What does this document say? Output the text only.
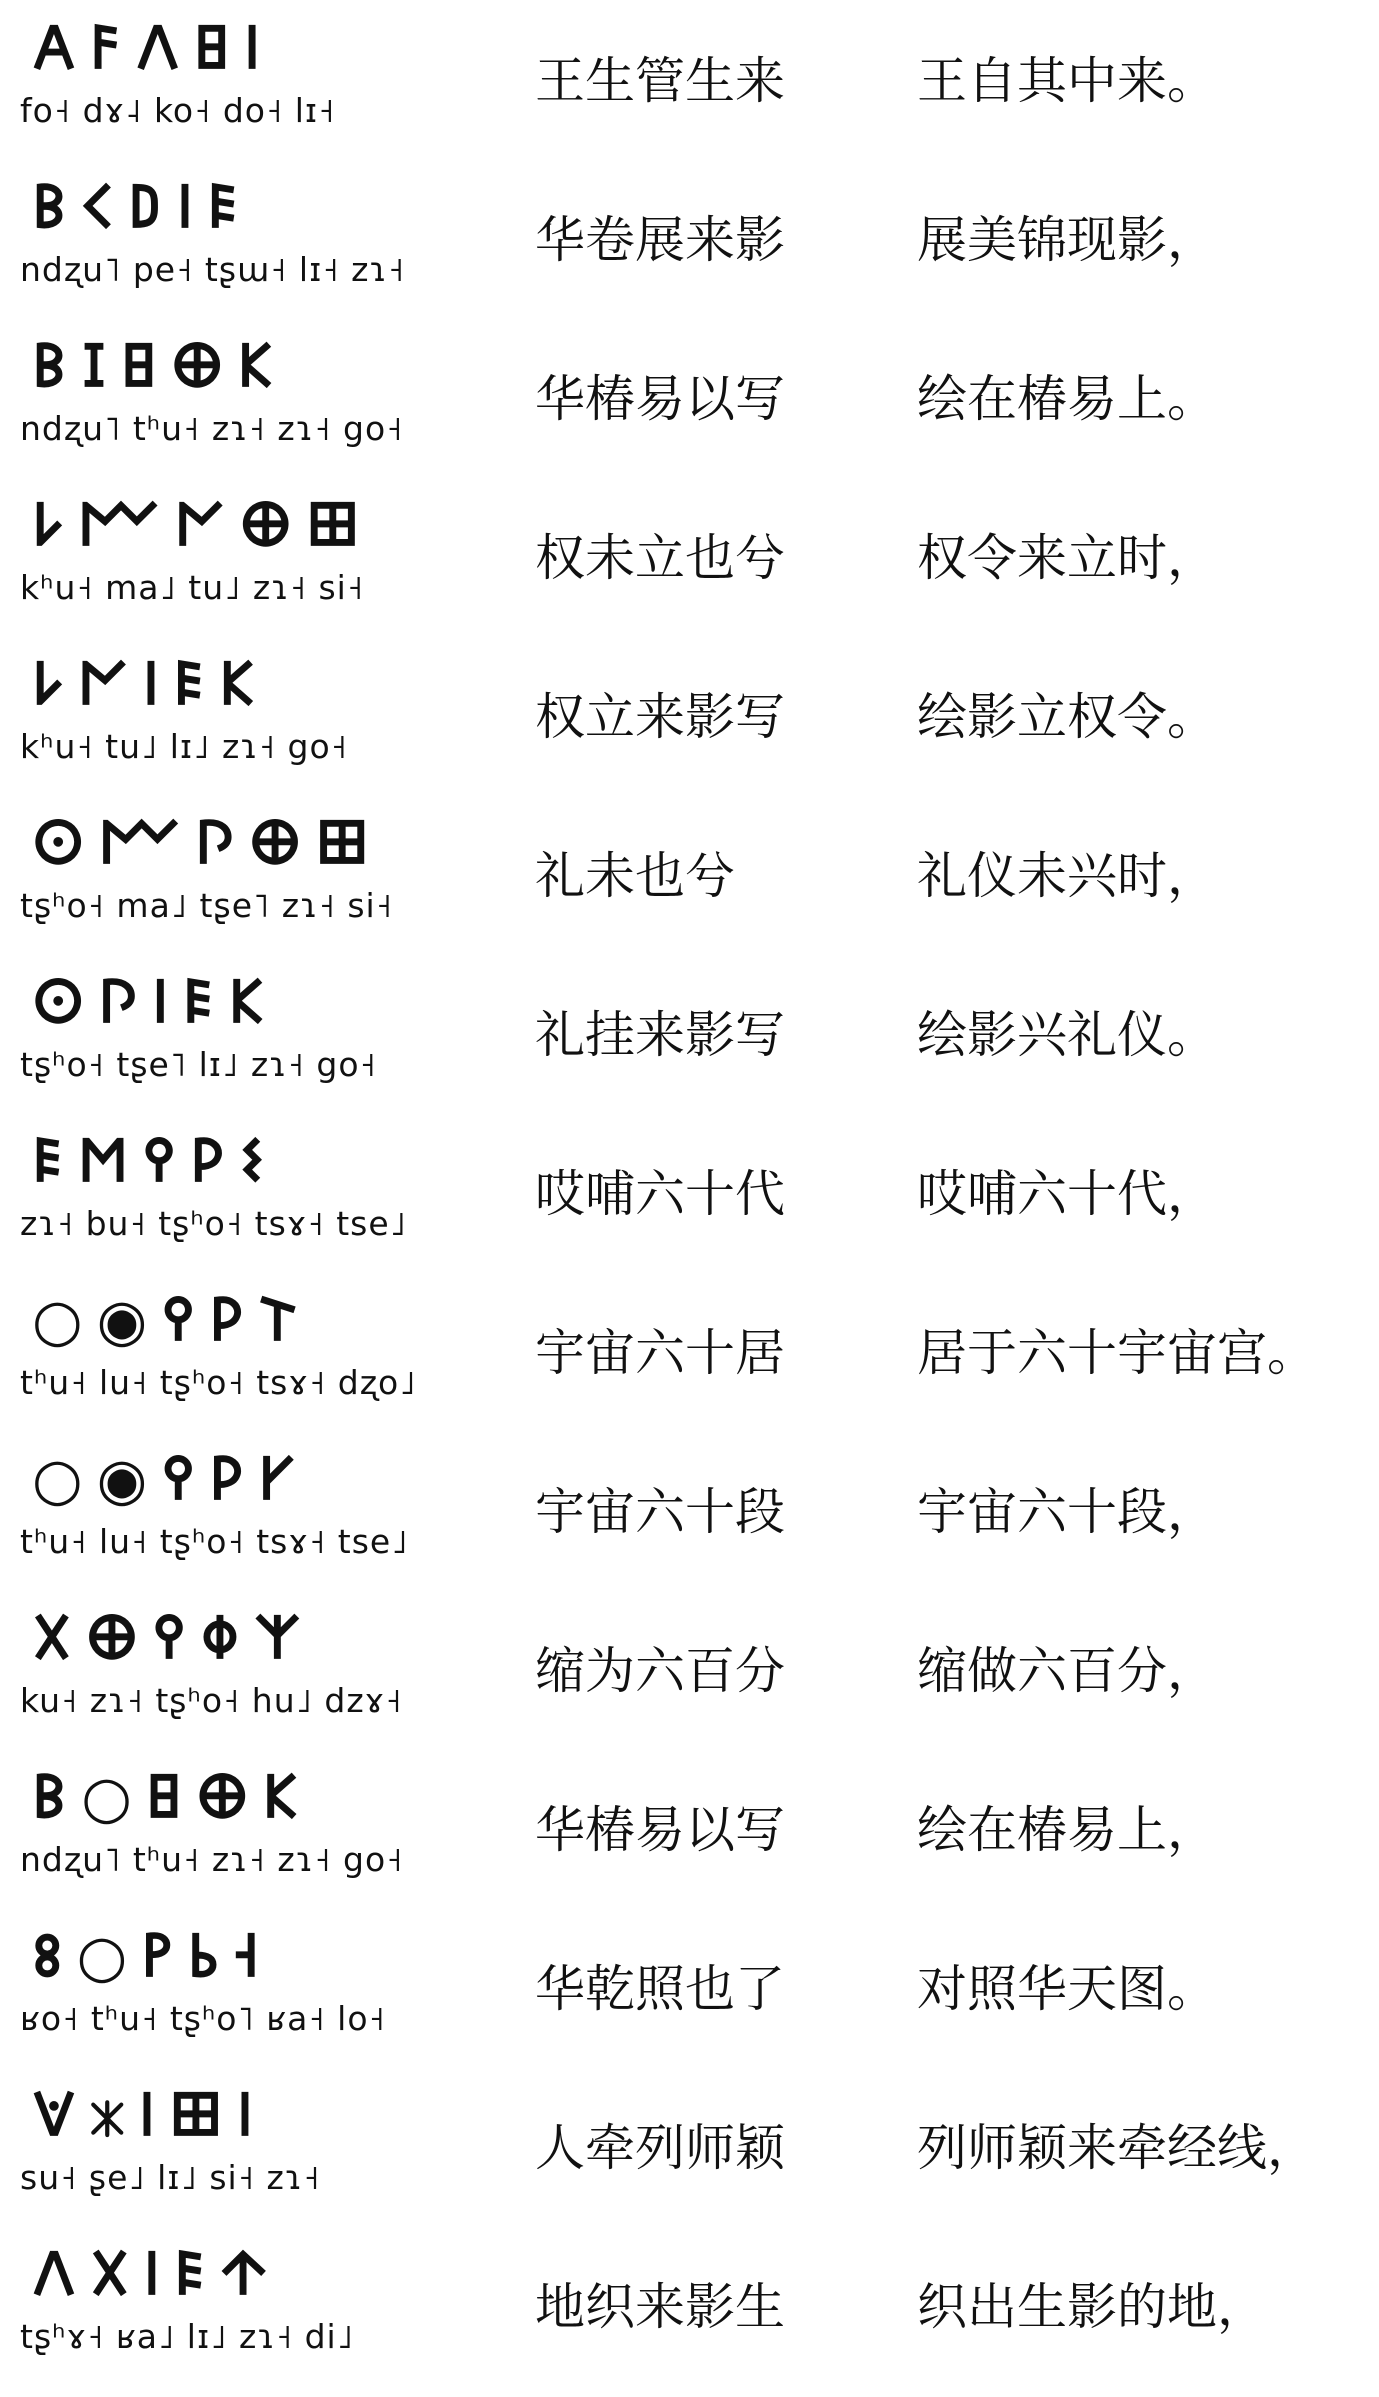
𐌀𐌅𐌡𐌇𐌉
fo˧ dɤ˨ ko˧ do˧ lɪ˧
王生管生来	王自其中来。
𐌁𐌂𐌃𐌉𐌄
ndʐu˥ pe˧ tʂɯ˧ lɪ˧ zɿ˧
华卷展来影	展美锦现影，
𐌁𐌆𐌇𐌈𐌊
ndʐu˥ tʰu˧ zɿ˧ zɿ˧ go˧
华椿易以写	绘在椿易上。
𐌋𐌌𐌍𐌈𐌎
kʰu˧ ma˩ tu˩ zɿ˧ si˧
权未立也兮	权令来立时，
𐌋𐌍𐌉𐌄𐌊
kʰu˧ tu˩ lɪ˩ zɿ˧ go˧
权立来影写	绘影立权令。
𐌏𐌌𐌐𐌈𐌎
tʂʰo˧ ma˩ tʂe˥ zɿ˧ si˧
礼未也兮	礼仪未兴时，
𐌏𐌐𐌉𐌄𐌊
tʂʰo˧ tʂe˥ lɪ˩ zɿ˧ go˧
礼挂来影写	绘影兴礼仪。
𐌄𐌑𐌒𐌓𐌔
zɿ˧ bu˧ tʂʰo˧ tsɤ˧ tse˩
哎哺六十代	哎哺六十代，
○◉𐌒𐌓𐌕
tʰu˧ lu˧ tʂʰo˧ tsɤ˧ dʐo˩
宇宙六十居	居于六十宇宙宫。
○◉𐌒𐌓𐌖
tʰu˧ lu˧ tʂʰo˧ tsɤ˧ tse˩
宇宙六十段	宇宙六十段，
𐌗𐌈𐌒𐌘𐌙
ku˧ zɿ˧ tʂʰo˧ hu˩ dzɤ˧
缩为六百分	缩做六百分，
𐌁○𐌇𐌈𐌊
ndʐu˥ tʰu˧ zɿ˧ zɿ˧ go˧
华椿易以写	绘在椿易上，
𐌚○𐌛𐌜𐌝
ʁo˧ tʰu˧ tʂʰo˥ ʁa˧ lo˧
华乾照也了	对照华天图。
𐌞𐌟𐌉𐌎𐌠
su˧ ʂe˩ lɪ˩ si˧ zɿ˧
人牵列师颖	列师颖来牵经线，
𐌡𐌢𐌉𐌄𐌣
tʂʰɤ˧ ʁa˩ lɪ˩ zɿ˧ di˩
地织来影生	织出生影的地，
